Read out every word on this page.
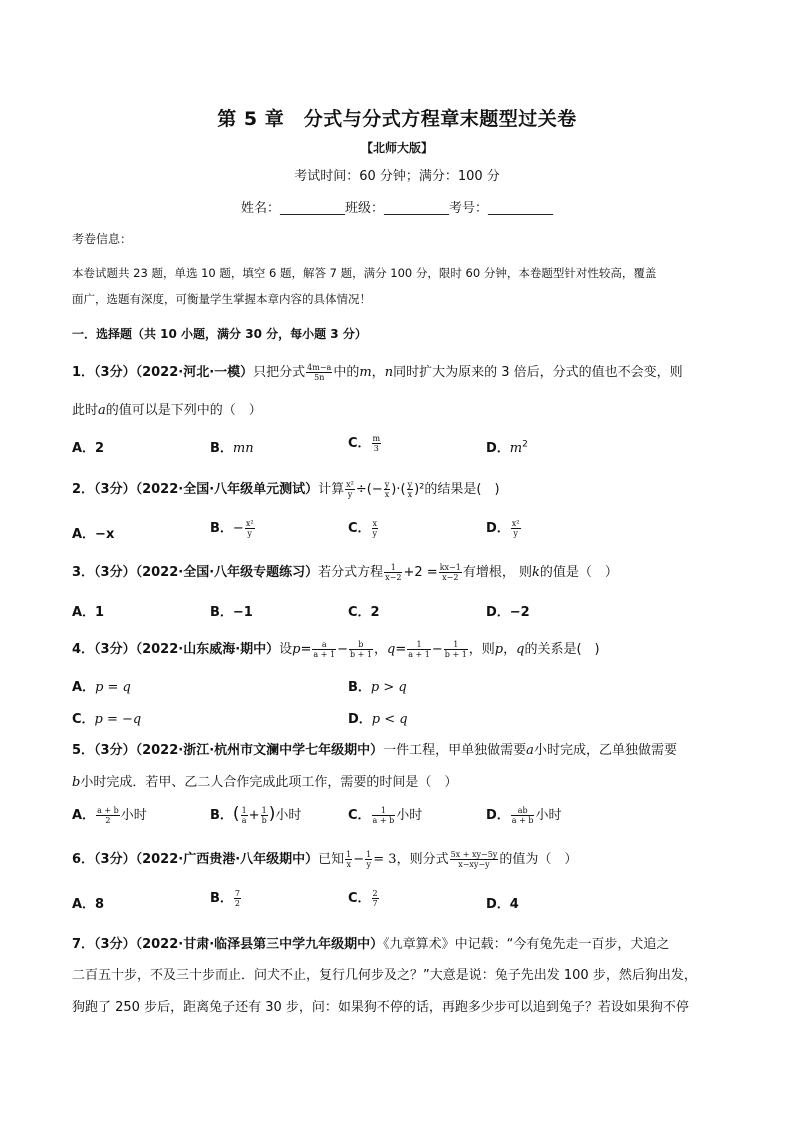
第 5 章　分式与分式方程章末题型过关卷
【北师大版】
考试时间：60 分钟；满分：100 分
姓名：__________班级：__________考号：__________
考卷信息：
本卷试题共 23 题，单选 10 题，填空 6 题，解答 7 题，满分 100 分，限时 60 分钟，本卷题型针对性较高，覆盖
面广，选题有深度，可衡量学生掌握本章内容的具体情况！
一．选择题（共 10 小题，满分 30 分，每小题 3 分）
1．（3分）（2022·河北·一模）只把分式 $\frac{4m-a}{5n}$ 中的m，n同时扩大为原来的 3 倍后，分式的值也不会变，则
此时a的值可以是下列中的（　）
A．2	B．mn	C． $\frac{m}{3}$	D．$m^2$
2．（3分）（2022·全国·八年级单元测试）计算 $\frac{\text{x²}}{y}$ ÷(− $\frac{y}{x}$ )·( $\frac{y}{x} )^2$的结果是(　)
A．−x	B．− $\frac{\text{x²}}{y}$	C． $\frac{x}{y}$	D． $\frac{\text{x²}}{y}$
3．（3分）（2022·全国·八年级专题练习）若分式方程 $\frac{1}{x-2} +2 = \frac{kx-1}{x-2}$ 有增根， 则k的值是（　）
A．1	B．−1	C．2	D．−2
4．（3分）（2022·山东威海·期中）设$p= \frac{a}{a + 1} - \frac{b}{b + 1}$ ，$q= \frac{1}{a + 1} - \frac{1}{b + 1}$ ，则p，q的关系是(　)
A．p = q	B．p > q
C．p = −q	D．p < q
5．（3分）（2022·浙江·杭州市文澜中学七年级期中）一件工程，甲单独做需要a小时完成，乙单独做需要
b小时完成．若甲、乙二人合作完成此项工作，需要的时间是（　）
A． $\frac{a + b}{2}$ 小时	B．( $\frac{1}{a} + \frac{1}{b}$ )小时	C． $\frac{1}{a + b}$ 小时	D． $\frac{ab}{a + b}$ 小时
6．（3分）（2022·广西贵港·八年级期中）已知 $\frac{1}{x} - \frac{1}{y} = 3$，则分式 $\frac{5x + xy-5y}{x-xy-y}$ 的值为（　）
A．8	B． $\frac{7}{2}$	C． $\frac{2}{7}$	D．4
7．（3分）（2022·甘肃·临泽县第三中学九年级期中）《九章算术》中记载：“今有兔先走一百步，犬追之
二百五十步，不及三十步而止．问犬不止，复行几何步及之？”大意是说：兔子先出发 100 步，然后狗出发，
狗跑了 250 步后，距离兔子还有 30 步，问：如果狗不停的话，再跑多少步可以追到兔子？若设如果狗不停
